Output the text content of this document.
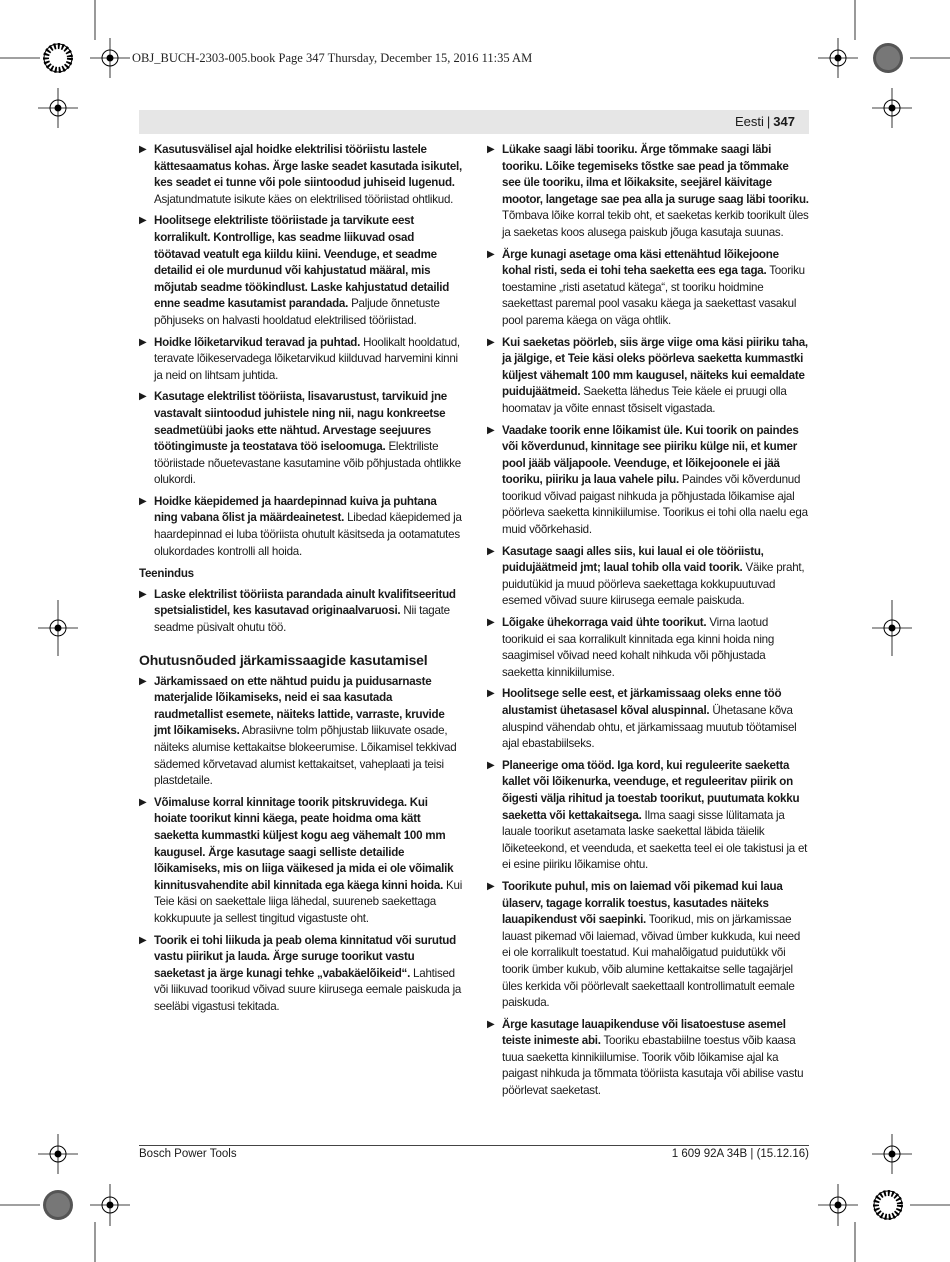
OBJ_BUCH-2303-005.book Page 347 Thursday, December 15, 2016 11:35 AM
Eesti | 347
▶ Kasutusvälisel ajal hoidke elektrilisi tööriistu lastele kättesaamatus kohas. Ärge laske seadet kasutada isikutel, kes seadet ei tunne või pole siintoodud juhiseid lugenud. Asjatundmatute isikute käes on elektrilised tööriistad ohtlikud.
▶ Hoolitsege elektriliste tööriistade ja tarvikute eest korralikult. Kontrollige, kas seadme liikuvad osad töötavad veatult ega kiildu kiini. Veenduge, et seadme detailid ei ole murdunud või kahjustatud määral, mis mõjutab seadme töökindlust. Laske kahjustatud detailid enne seadme kasutamist parandada. Paljude õnnetuste põhjuseks on halvasti hooldatud elektrilised tööriistad.
▶ Hoidke lõiketarvikud teravad ja puhtad. Hoolikalt hooldatud, teravate lõikeservadega lõiketarvikud kiilduvad harvemini kinni ja neid on lihtsam juhtida.
▶ Kasutage elektrilist tööriista, lisavarustust, tarvikuid jne vastavalt siintoodud juhistele ning nii, nagu konkreetse seadmetüübi jaoks ette nähtud. Arvestage seejuures töötingimuste ja teostatava töö iseloomuga. Elektriliste tööriistade nõuetevastane kasutamine võib põhjustada ohtlikke olukordi.
▶ Hoidke käepidemed ja haardepinnad kuiva ja puhtana ning vabana õlist ja määrdeainetest. Libedad käepidemed ja haardepinnad ei luba tööriista ohutult käsitseda ja ootamatutes olukordades kontrolli all hoida.
Teenindus
▶ Laske elektrilist tööriista parandada ainult kvalifitseeritud spetsialistidel, kes kasutavad originaalvaruosi. Nii tagate seadme püsivalt ohutu töö.
Ohutusnõuded järkamissaagide kasutamisel
▶ Järkamissaed on ette nähtud puidu ja puidusarnaste materjalide lõikamiseks, neid ei saa kasutada raudmetallist esemete, näiteks lattide, varraste, kruvide jmt lõikamiseks. Abrasiivne tolm põhjustab liikuvate osade, näiteks alumise kettakaitse blokeerumise. Lõikamisel tekkivad sädemed kõrvetavad alumist kettakaitset, vaheplaati ja teisi plastdetaile.
▶ Võimaluse korral kinnitage toorik pitskruvidega. Kui hoiate toorikut kinni käega, peate hoidma oma kätt saeketta kummastki küljest kogu aeg vähemalt 100 mm kaugusel. Ärge kasutage saagi selliste detailide lõikamiseks, mis on liiga väikesed ja mida ei ole võimalik kinnitusvahendite abil kinnitada ega käega kinni hoida. Kui Teie käsi on saekettale liiga lähedal, suureneb saekettaga kokkupuute ja sellest tingitud vigastuste oht.
▶ Toorik ei tohi liikuda ja peab olema kinnitatud või surutud vastu piirikut ja lauda. Ärge suruge toorikut vastu saeketast ja ärge kunagi tehke „vabakäelõikeid“. Lahtised või liikuvad toorikud võivad suure kiirusega eemale paiskuda ja seeläbi vigastusi tekitada.
▶ Lükake saagi läbi tooriku. Ärge tõmmake saagi läbi tooriku. Lõike tegemiseks tõstke sae pead ja tõmmake see üle tooriku, ilma et lõikaksite, seejärel käivitage mootor, langetage sae pea alla ja suruge saag läbi tooriku. Tõmbava lõike korral tekib oht, et saeketas kerkib toorikult üles ja saeketas koos alusega paiskub jõuga kasutaja suunas.
▶ Ärge kunagi asetage oma käsi ettenähtud lõikejoone kohal risti, seda ei tohi teha saeketta ees ega taga. Tooriku toestamine „risti asetatud kätega“, st tooriku hoidmine saekettast paremal pool vasaku käega ja saekettast vasakul pool parema käega on väga ohtlik.
▶ Kui saeketas pöörleb, siis ärge viige oma käsi piiriku taha, ja jälgige, et Teie käsi oleks pöörleva saeketta kummastki küljest vähemalt 100 mm kaugusel, näiteks kui eemaldate puidujäätmeid. Saeketta lähedus Teie käele ei pruugi olla hoomatav ja võite ennast tõsiselt vigastada.
▶ Vaadake toorik enne lõikamist üle. Kui toorik on paindes või kõverdunud, kinnitage see piiriku külge nii, et kumer pool jääb väljapoole. Veenduge, et lõikejoonele ei jää tooriku, piiriku ja laua vahele pilu. Paindes või kõverdunud toorikud võivad paigast nihkuda ja põhjustada lõikamise ajal pöörleva saeketta kinnikiilumise. Toorikus ei tohi olla naelu ega muid võõrkehasid.
▶ Kasutage saagi alles siis, kui laual ei ole tööriistu, puidujäätmeid jmt; laual tohib olla vaid toorik. Väike praht, puidutükid ja muud pöörleva saekettaga kokkupuutuvad esemed võivad suure kiirusega eemale paiskuda.
▶ Lõigake ühekorraga vaid ühte toorikut. Virna laotud toorikuid ei saa korralikult kinnitada ega kinni hoida ning saagimisel võivad need kohalt nihkuda või põhjustada saeketta kinnikiilumise.
▶ Hoolitsege selle eest, et järkamissaag oleks enne töö alustamist ühetasasel kõval aluspinnal. Ühetasane kõva aluspind vähendab ohtu, et järkamissaag muutub töötamisel ajal ebastabiilseks.
▶ Planeerige oma tööd. Iga kord, kui reguleerite saeketta kallet või lõikenurka, veenduge, et reguleeritav piirik on õigesti välja rihitud ja toestab toorikut, puutumata kokku saeketta või kettakaitsega. Ilma saagi sisse lülitamata ja lauale toorikut asetamata laske saekettal läbida täielik lõiketeekond, et veenduda, et saeketta teel ei ole takistusi ja et ei esine piiriku lõikamise ohtu.
▶ Toorikute puhul, mis on laiemad või pikemad kui laua ülaserv, tagage korralik toestus, kasutades näiteks lauapikendust või saepinki. Toorikud, mis on järkamissae lauast pikemad või laiemad, võivad ümber kukkuda, kui need ei ole korralikult toestatud. Kui mahalõigatud puidutükk või toorik ümber kukub, võib alumine kettakaitse selle tagajärjel üles kerkida või pöörlevalt saekettaall kontrollimatult eemale paiskuda.
▶ Ärge kasutage lauapikenduse või lisatoestuse asemel teiste inimeste abi. Tooriku ebastabiilne toestus võib kaasa tuua saeketta kinnikiilumise. Toorik võib lõikamise ajal ka paigast nihkuda ja tõmmata tööriista kasutaja või abilise vastu pöörlevat saeketast.
Bosch Power Tools	1 609 92A 34B | (15.12.16)
